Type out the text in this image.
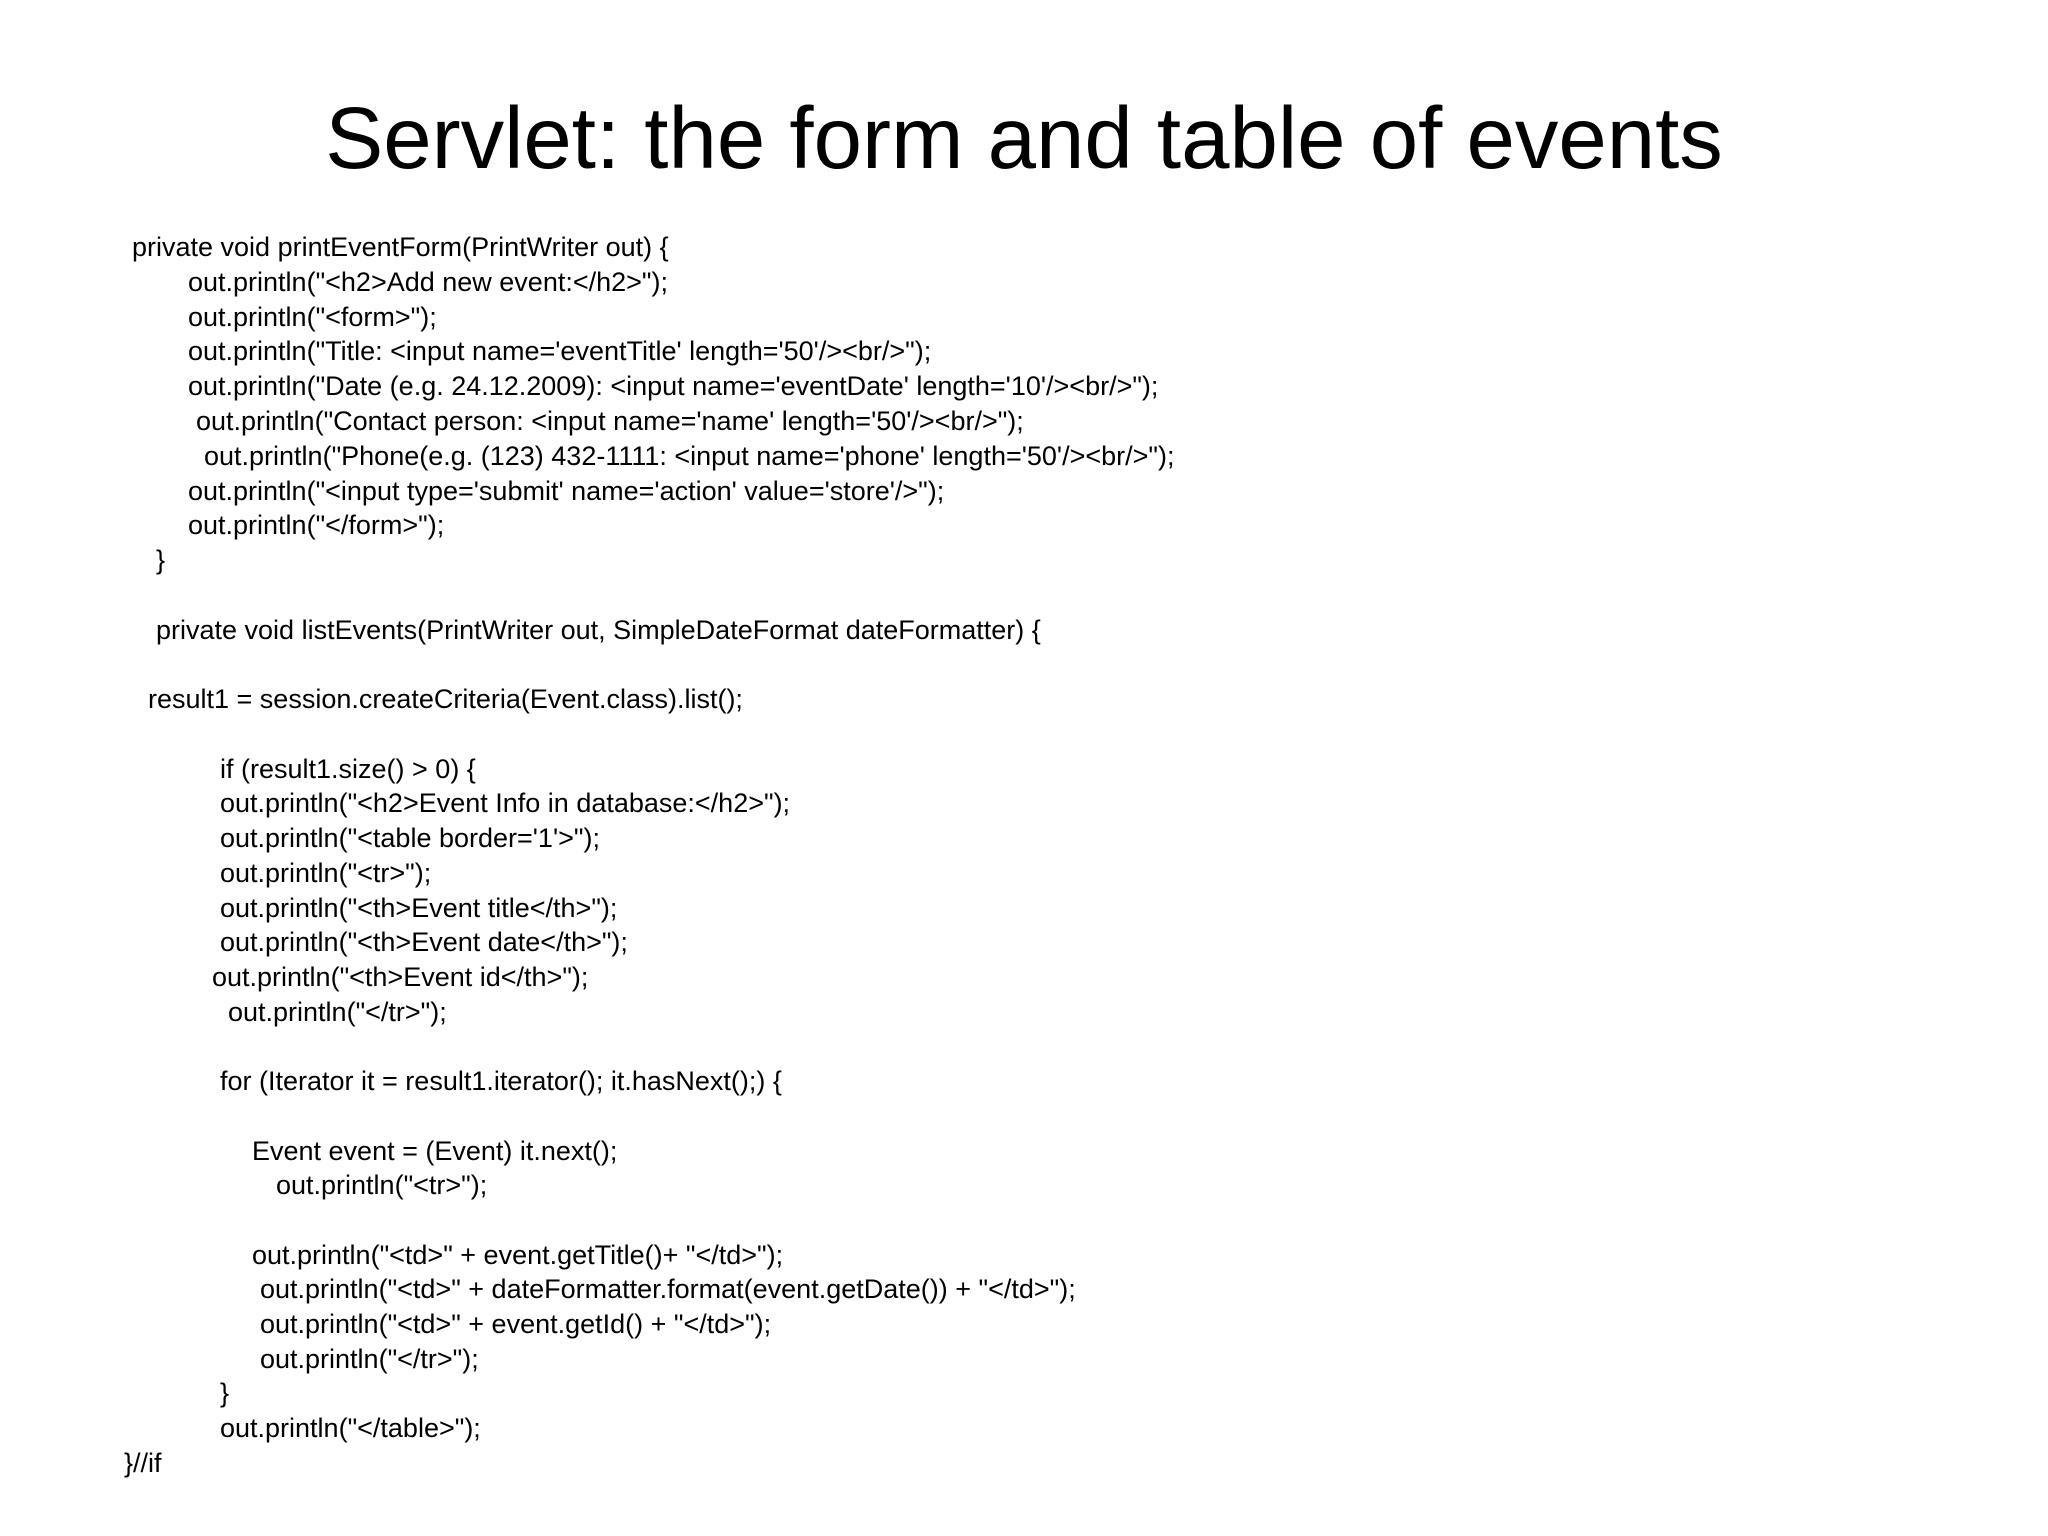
Servlet: the form and table of events
private void printEventForm(PrintWriter out) {
out.println("<h2>Add new event:</h2>");
out.println("<form>");
out.println("Title: <input name='eventTitle' length='50'/><br/>");
out.println("Date (e.g. 24.12.2009): <input name='eventDate' length='10'/><br/>");
out.println("Contact person: <input name='name' length='50'/><br/>");
out.println("Phone(e.g. (123) 432-1111: <input name='phone' length='50'/><br/>");
out.println("<input type='submit' name='action' value='store'/>");
out.println("</form>");
}
private void listEvents(PrintWriter out, SimpleDateFormat dateFormatter) {
result1 = session.createCriteria(Event.class).list();
if (result1.size() > 0) {
out.println("<h2>Event Info in database:</h2>");
out.println("<table border='1'>");
out.println("<tr>");
out.println("<th>Event title</th>");
out.println("<th>Event date</th>");
out.println("<th>Event id</th>");
out.println("</tr>");
for (Iterator it = result1.iterator(); it.hasNext();) {
Event event = (Event) it.next();
out.println("<tr>");
out.println("<td>" + event.getTitle()+ "</td>");
out.println("<td>" + dateFormatter.format(event.getDate()) + "</td>");
out.println("<td>" + event.getId() + "</td>");
out.println("</tr>");
}
out.println("</table>");
}//if
